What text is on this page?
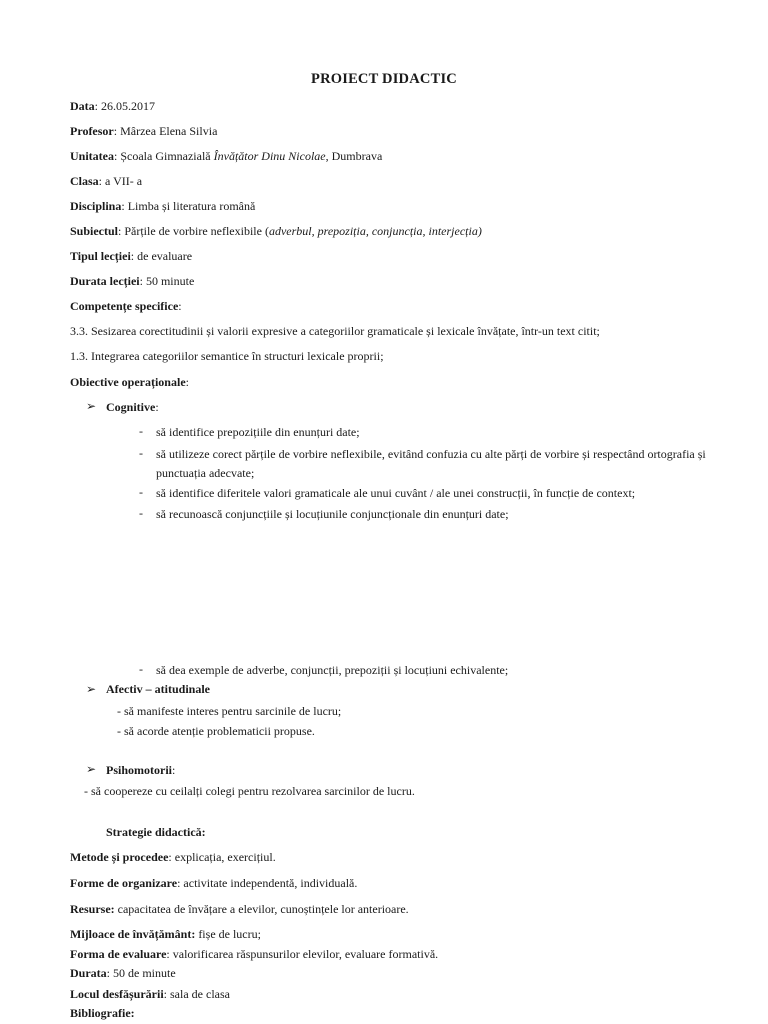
PROIECT DIDACTIC
Data: 26.05.2017
Profesor: Mârzea Elena Silvia
Unitatea: Școala Gimnazială Învățător Dinu Nicolae, Dumbrava
Clasa: a VII- a
Disciplina: Limba și literatura română
Subiectul: Părțile de vorbire neflexibile (adverbul, prepoziția, conjuncția, interjecția)
Tipul lecției: de evaluare
Durata lecției: 50 minute
Competențe specifice:
3.3. Sesizarea corectitudinii și valorii expresive a categoriilor gramaticale și lexicale învățate, într-un text citit;
1.3. Integrarea categoriilor semantice în structuri lexicale proprii;
Obiective operaționale:
➢ Cognitive:
- să identifice prepozițiile din enunțuri date;
- să utilizeze corect părțile de vorbire neflexibile, evitând confuzia cu alte părți de vorbire și respectând ortografia și
punctuația adecvate;
- să identifice diferitele valori gramaticale ale unui cuvânt / ale unei construcții, în funcție de context;
- să recunoască conjuncțiile și locuțiunile conjuncționale din enunțuri date;
- să dea exemple de adverbe, conjuncții, prepoziții și locuțiuni echivalente;
➢ Afectiv – atitudinale
- să manifeste interes pentru sarcinile de lucru;
- să acorde atenție problematicii propuse.
➢ Psihomotorii:
- să coopereze cu ceilalți colegi pentru rezolvarea sarcinilor de lucru.
Strategie didactică:
Metode și procedee: explicația, exercițiul.
Forme de organizare: activitate independentă, individuală.
Resurse: capacitatea de învățare a elevilor, cunoștințele lor anterioare.
Mijloace de învățământ: fișe de lucru;
Forma de evaluare: valorificarea răspunsurilor elevilor, evaluare formativă.
Durata: 50 de minute
Locul desfășurării: sala de clasa
Bibliografie:
